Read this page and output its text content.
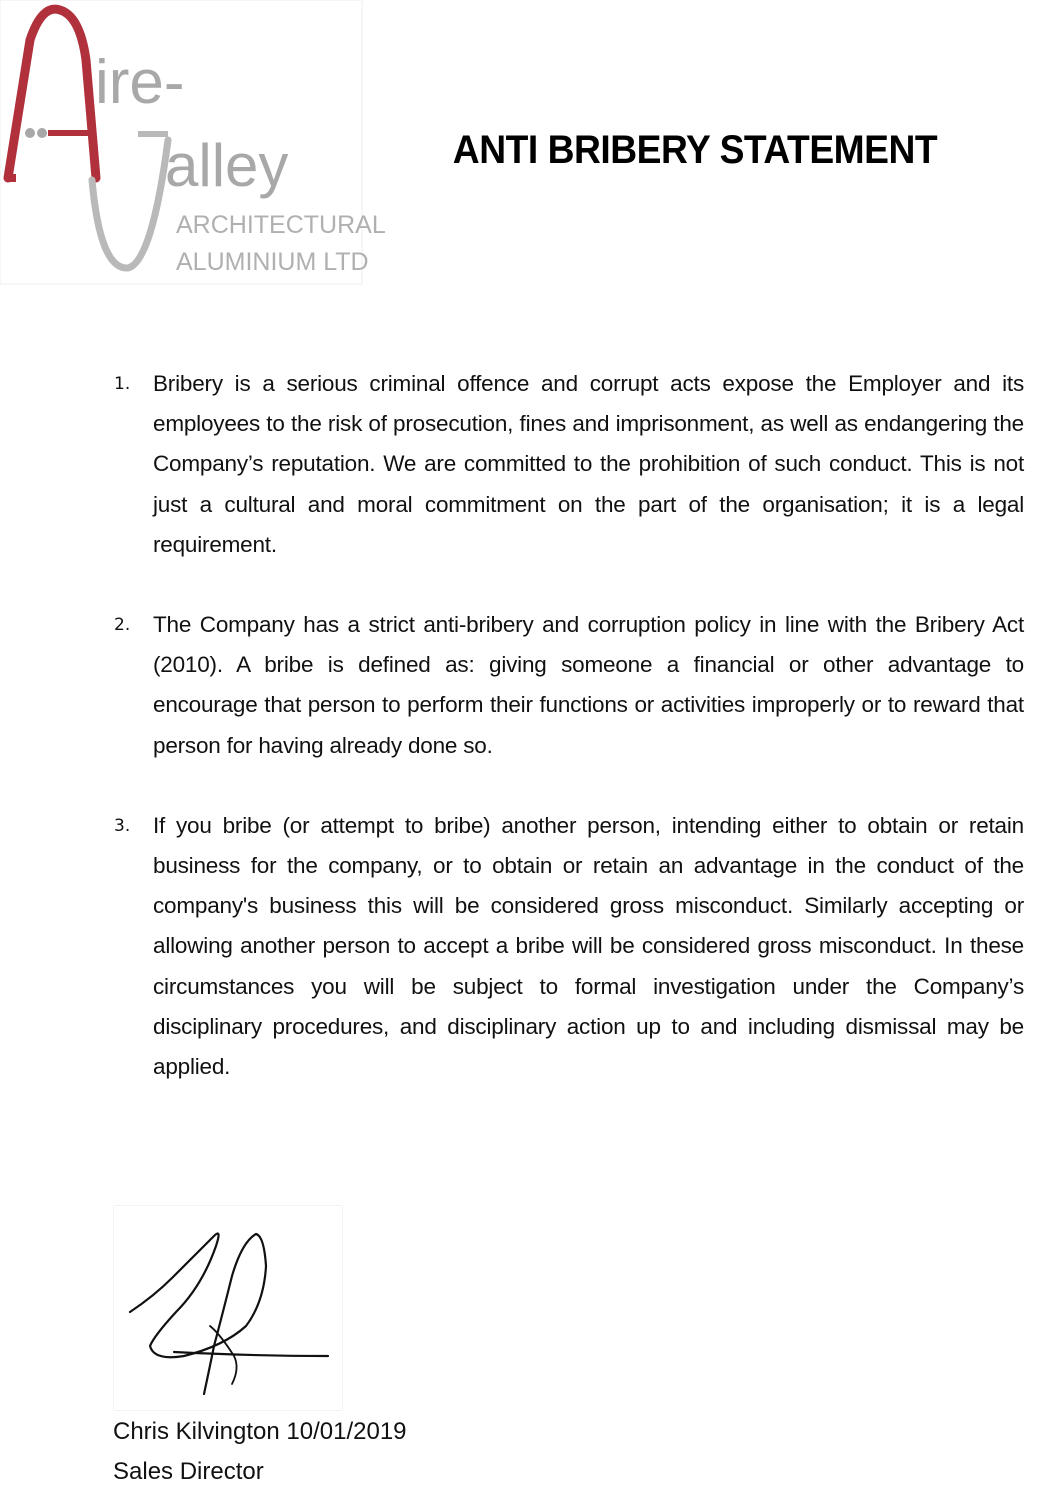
ire-
alley
ARCHITECTURAL
ALUMINIUM LTD
ANTI BRIBERY STATEMENT
1. Bribery is a serious criminal offence and corrupt acts expose the Employer and its employees to the risk of prosecution, fines and imprisonment, as well as endangering the Company’s reputation. We are committed to the prohibition of such conduct. This is not just a cultural and moral commitment on the part of the organisation; it is a legal requirement.
2. The Company has a strict anti-bribery and corruption policy in line with the Bribery Act (2010). A bribe is defined as: giving someone a financial or other advantage to encourage that person to perform their functions or activities improperly or to reward that person for having already done so.
3. If you bribe (or attempt to bribe) another person, intending either to obtain or retain business for the company, or to obtain or retain an advantage in the conduct of the company's business this will be considered gross misconduct. Similarly accepting or allowing another person to accept a bribe will be considered gross misconduct. In these circumstances you will be subject to formal investigation under the Company’s disciplinary procedures, and disciplinary action up to and including dismissal may be applied.
Chris Kilvington 10/01/2019
Sales Director
